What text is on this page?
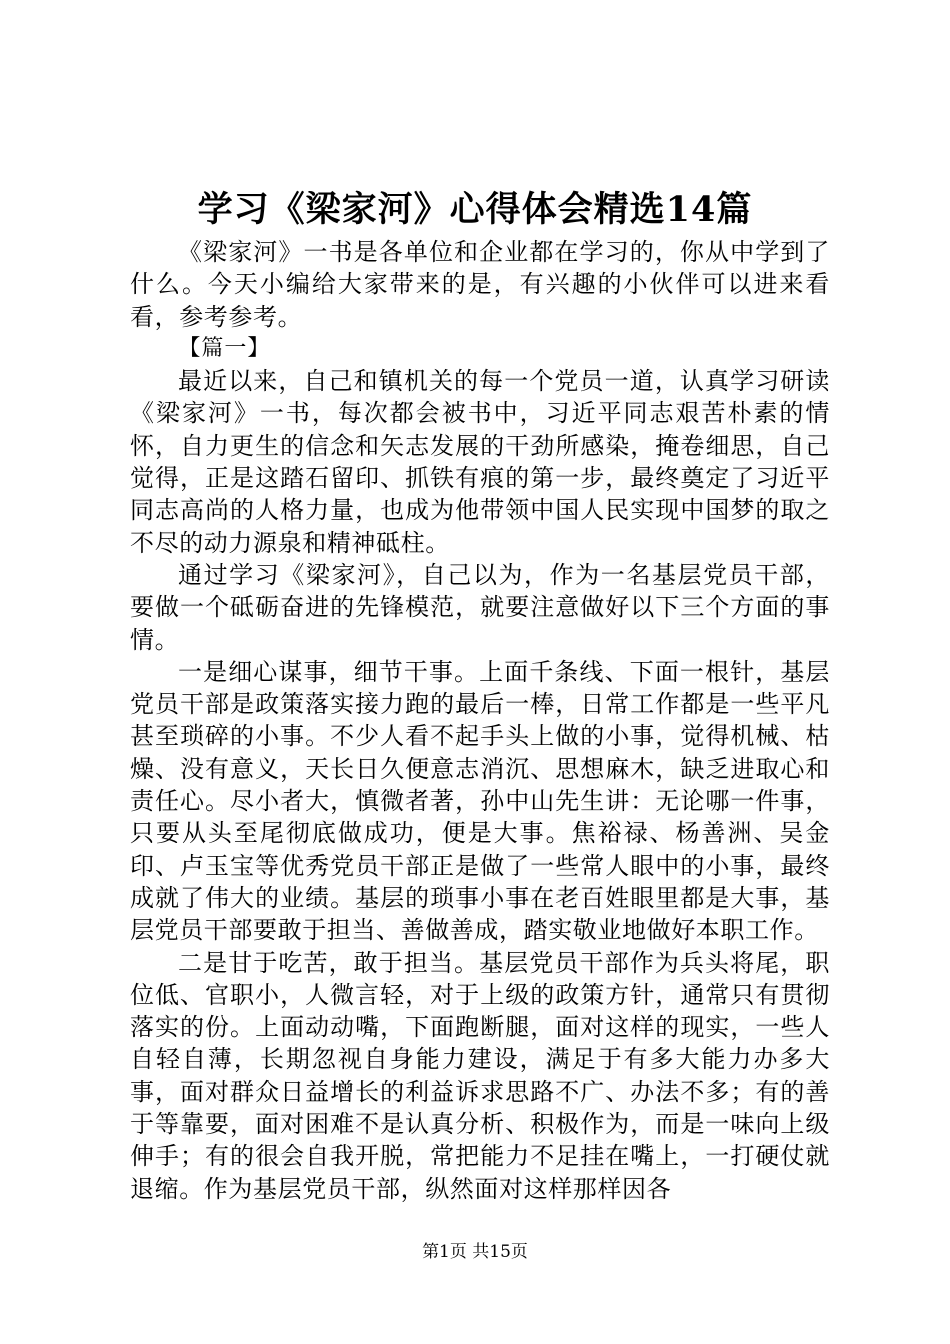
学习《梁家河》心得体会精选14篇

《梁家河》一书是各单位和企业都在学习的，你从中学到了什么。今天小编给大家带来的是，有兴趣的小伙伴可以进来看看，参考参考。

【篇一】

最近以来，自己和镇机关的每一个党员一道，认真学习研读《梁家河》一书，每次都会被书中，习近平同志艰苦朴素的情怀，自力更生的信念和矢志发展的干劲所感染，掩卷细思，自己觉得，正是这踏石留印、抓铁有痕的第一步，最终奠定了习近平同志高尚的人格力量，也成为他带领中国人民实现中国梦的取之不尽的动力源泉和精神砥柱。

通过学习《梁家河》，自己以为，作为一名基层党员干部，要做一个砥砺奋进的先锋模范，就要注意做好以下三个方面的事情。

一是细心谋事，细节干事。上面千条线、下面一根针，基层党员干部是政策落实接力跑的最后一棒，日常工作都是一些平凡甚至琐碎的小事。不少人看不起手头上做的小事，觉得机械、枯燥、没有意义，天长日久便意志消沉、思想麻木，缺乏进取心和责任心。尽小者大，慎微者著，孙中山先生讲：无论哪一件事，只要从头至尾彻底做成功，便是大事。焦裕禄、杨善洲、吴金印、卢玉宝等优秀党员干部正是做了一些常人眼中的小事，最终成就了伟大的业绩。基层的琐事小事在老百姓眼里都是大事，基层党员干部要敢于担当、善做善成，踏实敬业地做好本职工作。

二是甘于吃苦，敢于担当。基层党员干部作为兵头将尾，职位低、官职小，人微言轻，对于上级的政策方针，通常只有贯彻落实的份。上面动动嘴，下面跑断腿，面对这样的现实，一些人自轻自薄，长期忽视自身能力建设，满足于有多大能力办多大事，面对群众日益增长的利益诉求思路不广、办法不多；有的善于等靠要，面对困难不是认真分析、积极作为，而是一味向上级伸手；有的很会自我开脱，常把能力不足挂在嘴上，一打硬仗就退缩。作为基层党员干部，纵然面对这样那样因各

第1页 共15页
